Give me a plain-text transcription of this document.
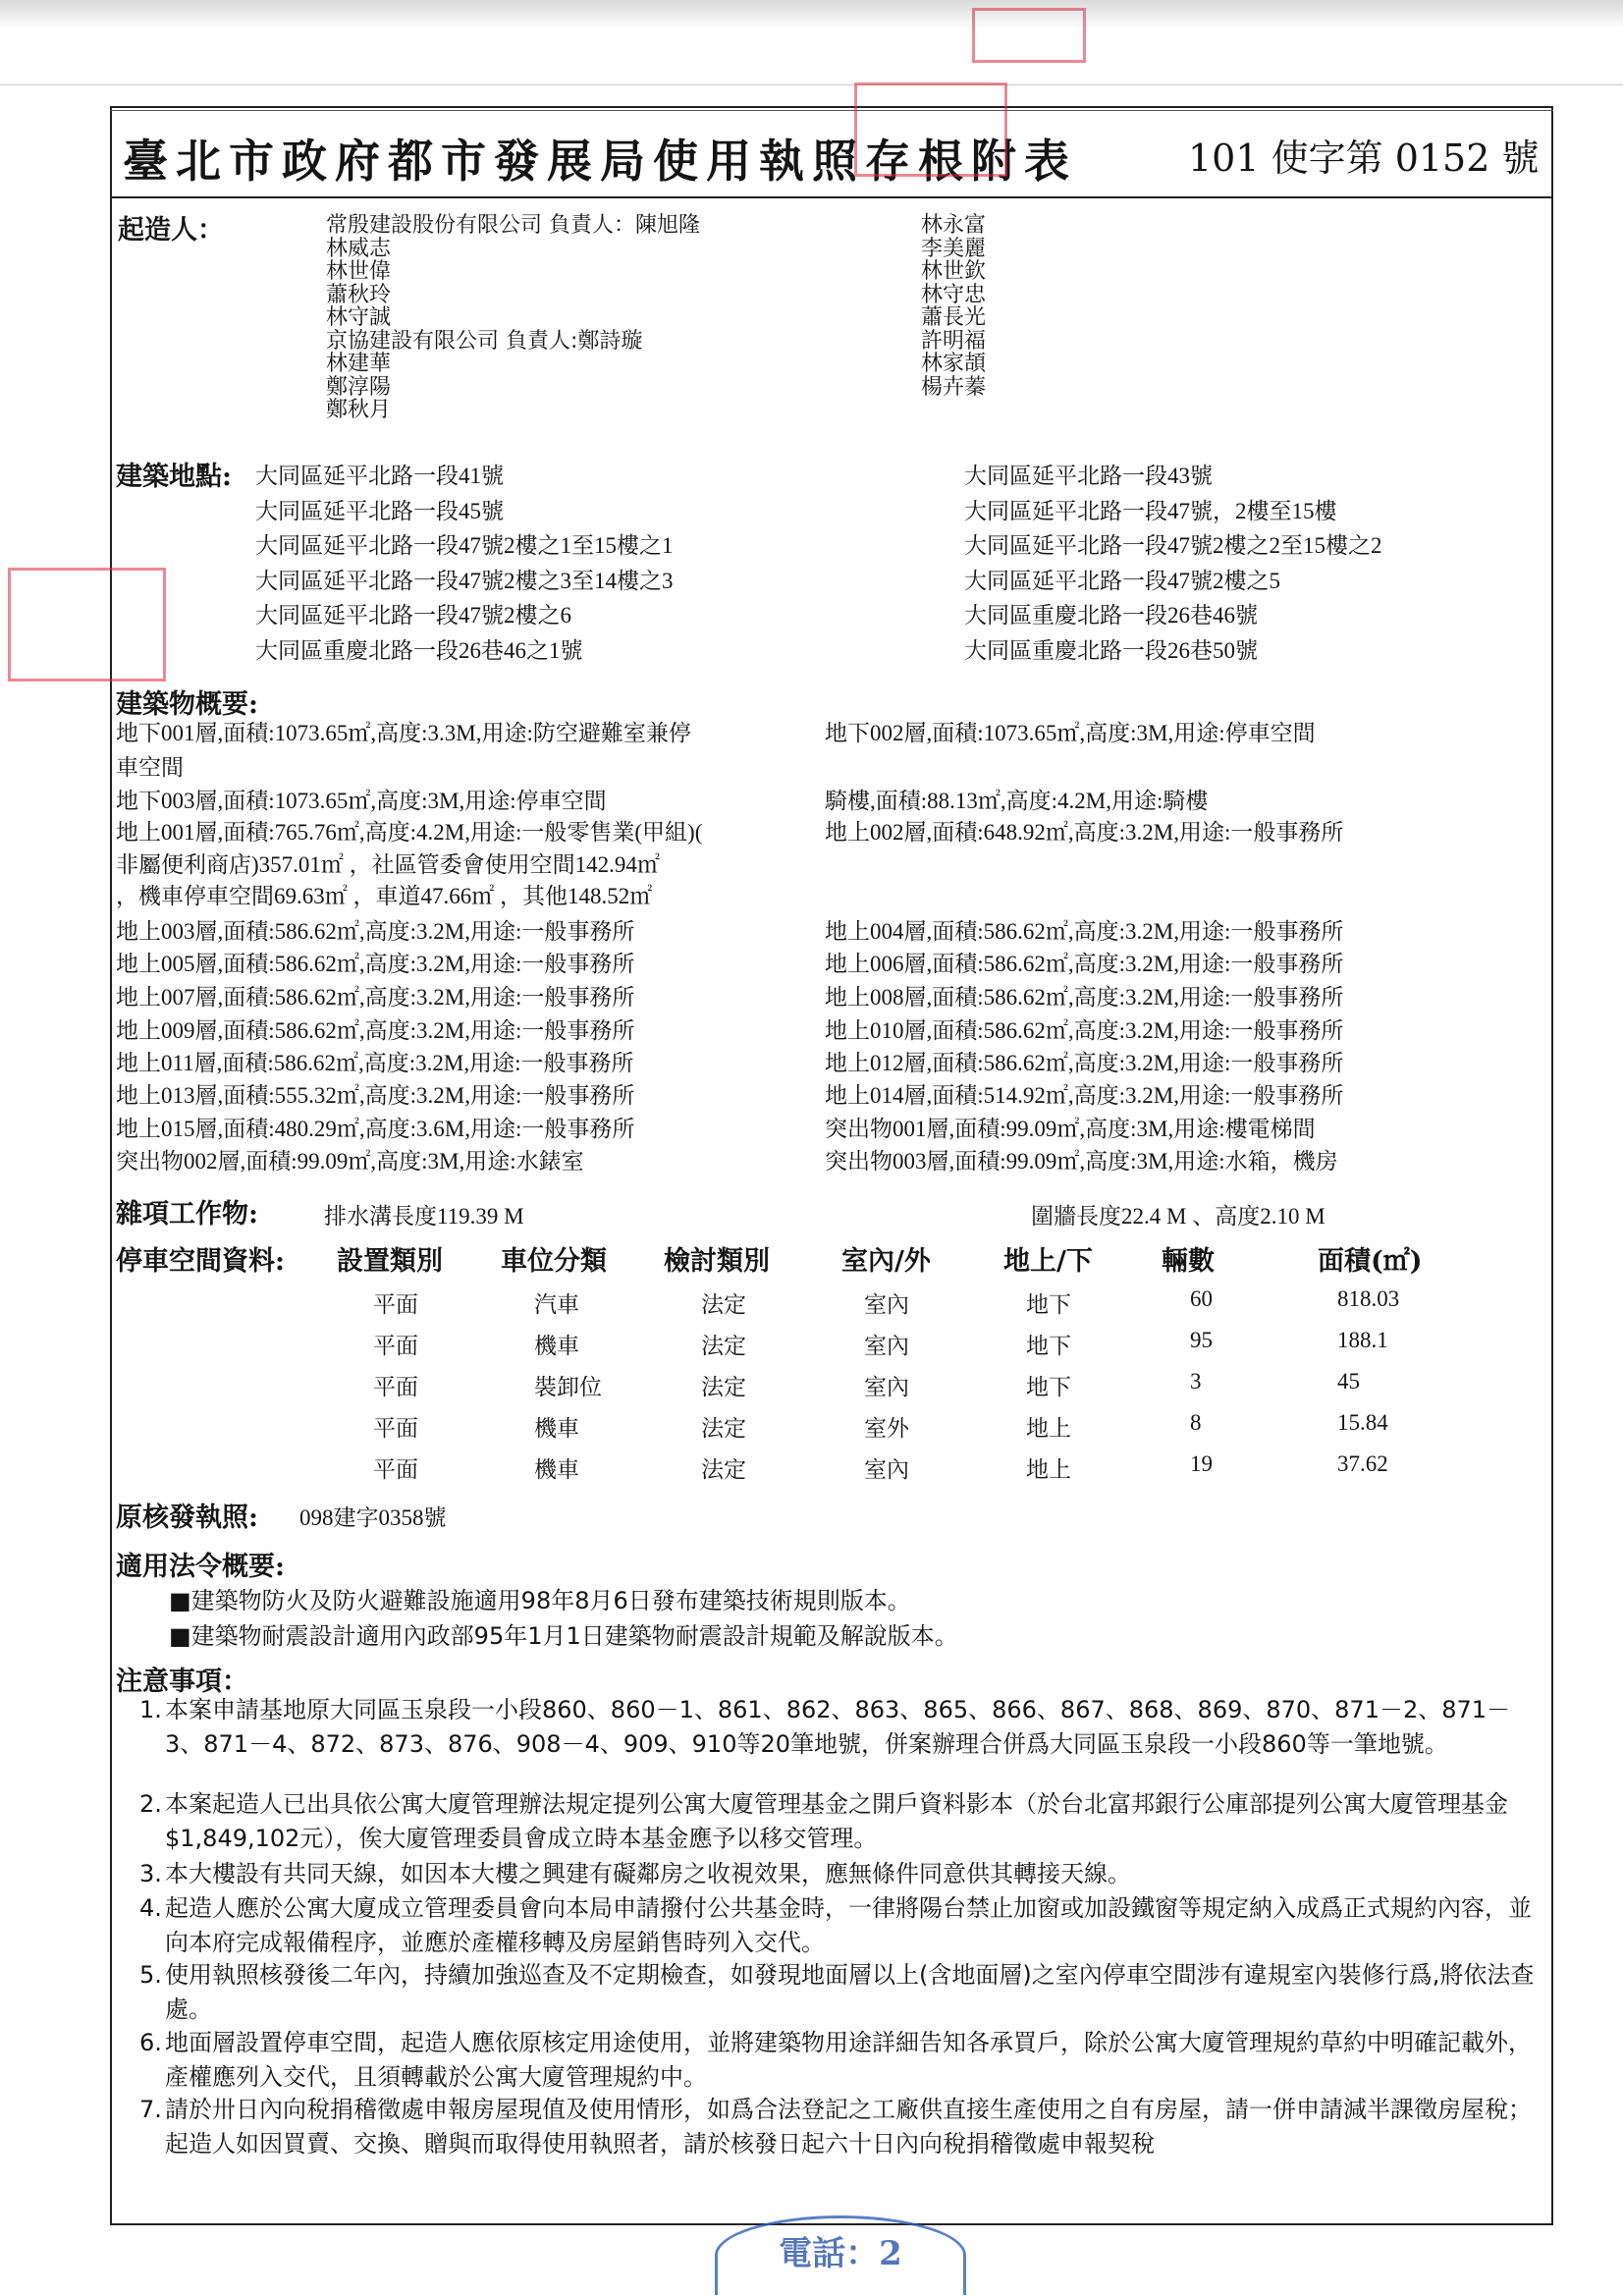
臺北市政府都市發展局使用執照存根附表	101 使字第 0152 號
起造人：	常殷建設股份有限公司 負責人：陳旭隆
林威志
林世偉
蕭秋玲
林守誠
京協建設有限公司 負責人:鄭詩璇
林建華
鄭淳陽
鄭秋月
林永富
李美麗
林世欽
林守忠
蕭長光
許明福
林家頡
楊卉蓁
建築地點: 大同區延平北路一段41號
大同區延平北路一段45號
大同區延平北路一段47號2樓之1至15樓之1
大同區延平北路一段47號2樓之3至14樓之3
大同區延平北路一段47號2樓之6
大同區重慶北路一段26巷46之1號
大同區延平北路一段43號
大同區延平北路一段47號，2樓至15樓
大同區延平北路一段47號2樓之2至15樓之2
大同區延平北路一段47號2樓之5
大同區重慶北路一段26巷46號
大同區重慶北路一段26巷50號
建築物概要:
地下001層,面積:1073.65㎡,高度:3.3M,用途:防空避難室兼停	地下002層,面積:1073.65㎡,高度:3M,用途:停車空間
車空間
地下003層,面積:1073.65㎡,高度:3M,用途:停車空間	騎樓,面積:88.13㎡,高度:4.2M,用途:騎樓
地上001層,面積:765.76㎡,高度:4.2M,用途:一般零售業(甲組)(	地上002層,面積:648.92㎡,高度:3.2M,用途:一般事務所
非屬便利商店)357.01㎡ ，社區管委會使用空間142.94㎡
，機車停車空間69.63㎡ ，車道47.66㎡ ，其他148.52㎡
地上003層,面積:586.62㎡,高度:3.2M,用途:一般事務所	地上004層,面積:586.62㎡,高度:3.2M,用途:一般事務所
地上005層,面積:586.62㎡,高度:3.2M,用途:一般事務所	地上006層,面積:586.62㎡,高度:3.2M,用途:一般事務所
地上007層,面積:586.62㎡,高度:3.2M,用途:一般事務所	地上008層,面積:586.62㎡,高度:3.2M,用途:一般事務所
地上009層,面積:586.62㎡,高度:3.2M,用途:一般事務所	地上010層,面積:586.62㎡,高度:3.2M,用途:一般事務所
地上011層,面積:586.62㎡,高度:3.2M,用途:一般事務所	地上012層,面積:586.62㎡,高度:3.2M,用途:一般事務所
地上013層,面積:555.32㎡,高度:3.2M,用途:一般事務所	地上014層,面積:514.92㎡,高度:3.2M,用途:一般事務所
地上015層,面積:480.29㎡,高度:3.6M,用途:一般事務所	突出物001層,面積:99.09㎡,高度:3M,用途:樓電梯間
突出物002層,面積:99.09㎡,高度:3M,用途:水錶室	突出物003層,面積:99.09㎡,高度:3M,用途:水箱，機房
雜項工作物:	排水溝長度119.39 M	圍牆長度22.4 M 、高度2.10 M
停車空間資料: 設置類別 車位分類 檢討類別	室內/外	地上/下	輛數	面積(㎡)
平面	汽車	法定	室內	地下	60	818.03
平面	機車	法定	室內	地下	95	188.1
平面	裝卸位	法定	室內	地下	3	45
平面	機車	法定	室外	地上	8	15.84
平面	機車	法定	室內	地上	19	37.62
原核發執照: 098建字0358號
適用法令概要:
■建築物防火及防火避難設施適用98年8月6日發布建築技術規則版本。
■建築物耐震設計適用內政部95年1月1日建築物耐震設計規範及解說版本。
注意事項：
1. 本案申請基地原大同區玉泉段一小段860、860－1、861、862、863、865、866、867、868、869、870、871－2、871－3、871－4、872、873、876、908－4、909、910等20筆地號，併案辦理合併爲大同區玉泉段一小段860等一筆地號。
2. 本案起造人已出具依公寓大廈管理辦法規定提列公寓大廈管理基金之開戶資料影本（於台北富邦銀行公庫部提列公寓大廈管理基金$1,849,102元），俟大廈管理委員會成立時本基金應予以移交管理。
3. 本大樓設有共同天線，如因本大樓之興建有礙鄰房之收視效果，應無條件同意供其轉接天線。
4. 起造人應於公寓大廈成立管理委員會向本局申請撥付公共基金時，一律將陽台禁止加窗或加設鐵窗等規定納入成爲正式規約內容，並向本府完成報備程序，並應於產權移轉及房屋銷售時列入交代。
5. 使用執照核發後二年內，持續加強巡查及不定期檢查，如發現地面層以上(含地面層)之室內停車空間涉有違規室內裝修行爲,將依法查處。
6. 地面層設置停車空間，起造人應依原核定用途使用，並將建築物用途詳細告知各承買戶，除於公寓大廈管理規約草約中明確記載外，產權應列入交代，且須轉載於公寓大廈管理規約中。
7. 請於卅日內向稅捐稽徵處申報房屋現值及使用情形，如爲合法登記之工廠供直接生產使用之自有房屋，請一併申請減半課徵房屋稅；起造人如因買賣、交換、贈與而取得使用執照者，請於核發日起六十日內向稅捐稽徵處申報契稅
電話：2
